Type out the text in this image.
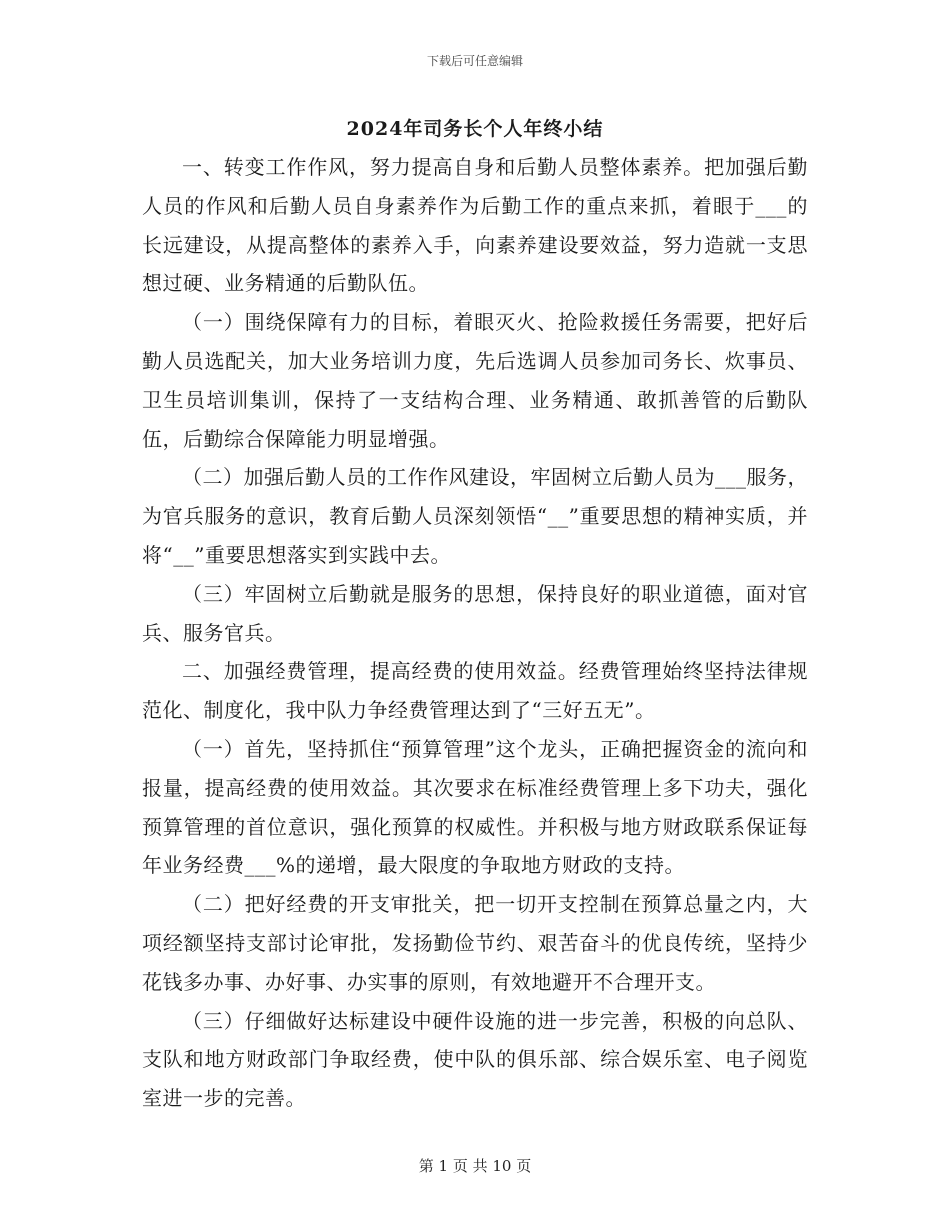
下载后可任意编辑
2024年司务长个人年终小结

一、转变工作作风，努力提高自身和后勤人员整体素养。把加强后勤人员的作风和后勤人员自身素养作为后勤工作的重点来抓，着眼于___的长远建设，从提高整体的素养入手，向素养建设要效益，努力造就一支思想过硬、业务精通的后勤队伍。

（一）围绕保障有力的目标，着眼灭火、抢险救援任务需要，把好后勤人员选配关，加大业务培训力度，先后选调人员参加司务长、炊事员、卫生员培训集训，保持了一支结构合理、业务精通、敢抓善管的后勤队伍，后勤综合保障能力明显增强。

（二）加强后勤人员的工作作风建设，牢固树立后勤人员为___服务，为官兵服务的意识，教育后勤人员深刻领悟“__”重要思想的精神实质，并将“__”重要思想落实到实践中去。

（三）牢固树立后勤就是服务的思想，保持良好的职业道德，面对官兵、服务官兵。

二、加强经费管理，提高经费的使用效益。经费管理始终坚持法律规范化、制度化，我中队力争经费管理达到了“三好五无”。

（一）首先，坚持抓住“预算管理”这个龙头，正确把握资金的流向和报量，提高经费的使用效益。其次要求在标准经费管理上多下功夫，强化预算管理的首位意识，强化预算的权威性。并积极与地方财政联系保证每年业务经费___%的递增，最大限度的争取地方财政的支持。

（二）把好经费的开支审批关，把一切开支控制在预算总量之内，大项经额坚持支部讨论审批，发扬勤俭节约、艰苦奋斗的优良传统，坚持少花钱多办事、办好事、办实事的原则，有效地避开不合理开支。

（三）仔细做好达标建设中硬件设施的进一步完善，积极的向总队、支队和地方财政部门争取经费，使中队的俱乐部、综合娱乐室、电子阅览室进一步的完善。

第 1 页 共 10 页
